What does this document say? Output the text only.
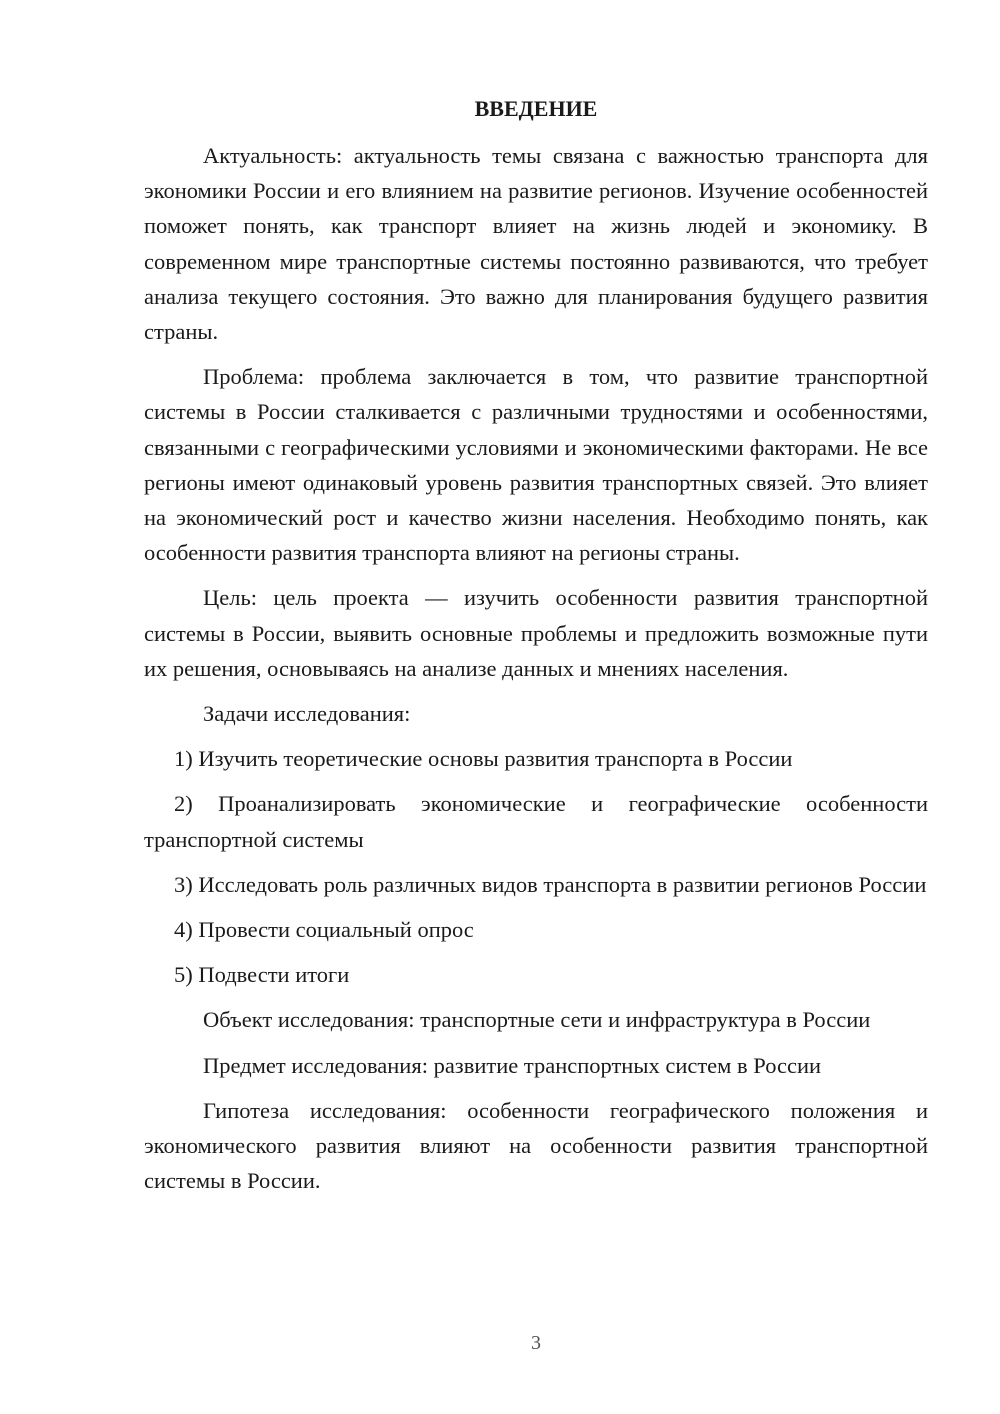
ВВЕДЕНИЕ

Актуальность: актуальность темы связана с важностью транспорта для экономики России и его влиянием на развитие регионов. Изучение особенностей поможет понять, как транспорт влияет на жизнь людей и экономику. В современном мире транспортные системы постоянно развиваются, что требует анализа текущего состояния. Это важно для планирования будущего развития страны.

Проблема: проблема заключается в том, что развитие транспортной системы в России сталкивается с различными трудностями и особенностями, связанными с географическими условиями и экономическими факторами. Не все регионы имеют одинаковый уровень развития транспортных связей. Это влияет на экономический рост и качество жизни населения. Необходимо понять, как особенности развития транспорта влияют на регионы страны.

Цель: цель проекта — изучить особенности развития транспортной системы в России, выявить основные проблемы и предложить возможные пути их решения, основываясь на анализе данных и мнениях населения.

Задачи исследования:

1) Изучить теоретические основы развития транспорта в России

2) Проанализировать экономические и географические особенности транспортной системы

3) Исследовать роль различных видов транспорта в развитии регионов России

4) Провести социальный опрос

5) Подвести итоги

Объект исследования: транспортные сети и инфраструктура в России

Предмет исследования: развитие транспортных систем в России

Гипотеза исследования: особенности географического положения и экономического развития влияют на особенности развития транспортной системы в России.

3
